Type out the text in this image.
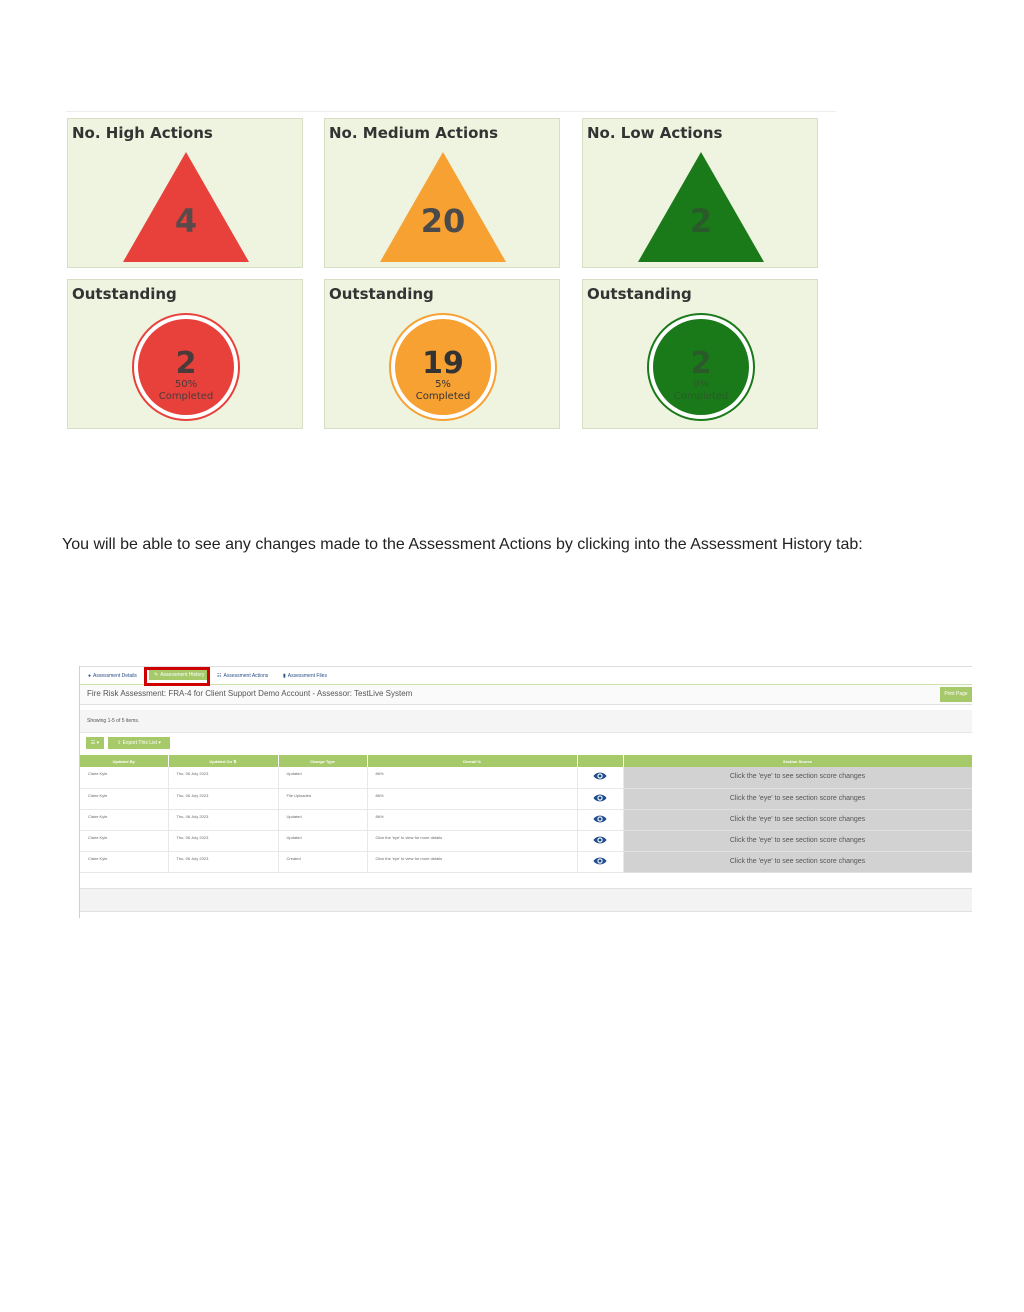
No. High Actions
4
No. Medium Actions
20
No. Low Actions
2
Outstanding
2
50%
Completed
Outstanding
19
5%
Completed
Outstanding
2
0%
Completed
You will be able to see any changes made to the Assessment Actions by clicking into the Assessment History tab:
● Assessment Details	✎ Assessment History	☷ Assessment Actions	▮ Assessment Files
Fire Risk Assessment: FRA-4 for Client Support Demo Account - Assessor: TestLive System	Print Page
Showing 1-5 of 5 items.
☰ ▾	⇪ Export This List ▾
Updated By	Updated On ⇅	Change Type	Overall %		Section Scores
Claire Kyle	Thu, 06 July 2023	Updated	86%		Click the 'eye' to see section score changes
Claire Kyle	Thu, 06 July 2023	File Uploaded	86%		Click the 'eye' to see section score changes
Claire Kyle	Thu, 06 July 2023	Updated	86%		Click the 'eye' to see section score changes
Claire Kyle	Thu, 06 July 2023	Updated	Click the 'eye' to view for more details		Click the 'eye' to see section score changes
Claire Kyle	Thu, 06 July 2023	Created	Click the 'eye' to view for more details		Click the 'eye' to see section score changes
